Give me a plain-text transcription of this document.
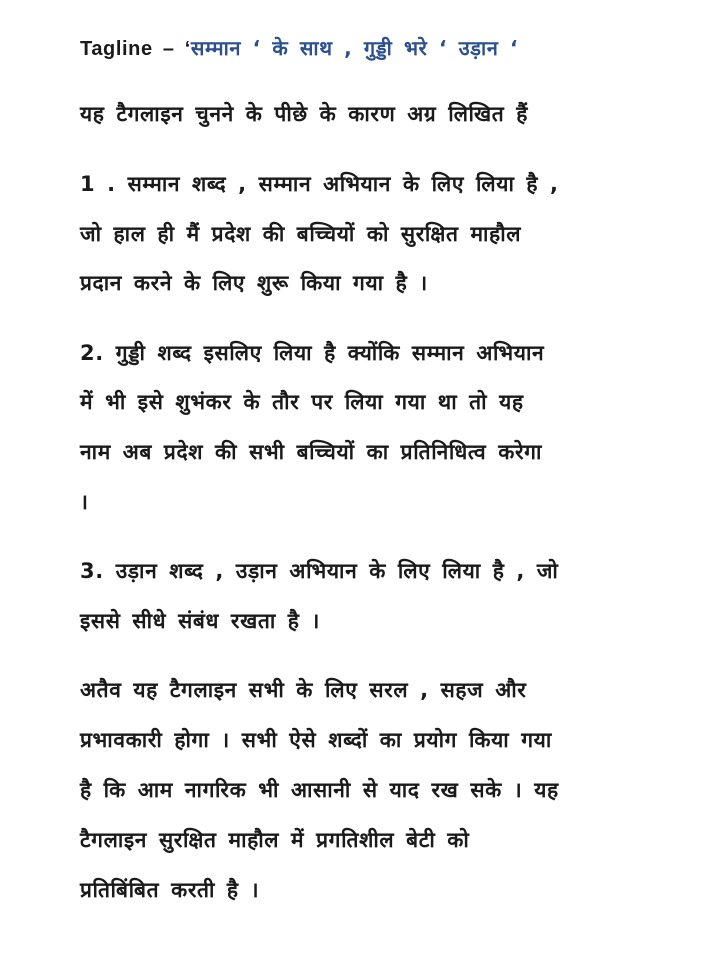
Tagline – ‘सम्मान ‘ के साथ , गुड्डी भरे ‘ उड़ान ‘
यह टैगलाइन चुनने के पीछे के कारण अग्र लिखित हैं
1 . सम्मान शब्द , सम्मान अभियान के लिए लिया है ,
जो हाल ही मैं प्रदेश की बच्चियों को सुरक्षित माहौल
प्रदान करने के लिए शुरू किया गया है ।
2. गुड्डी शब्द इसलिए लिया है क्योंकि सम्मान अभियान
में भी इसे शुभंकर के तौर पर लिया गया था तो यह
नाम अब प्रदेश की सभी बच्चियों का प्रतिनिधित्व करेगा
।
3. उड़ान शब्द , उड़ान अभियान के लिए लिया है , जो
इससे सीधे संबंध रखता है ।
अतैव यह टैगलाइन सभी के लिए सरल , सहज और
प्रभावकारी होगा । सभी ऐसे शब्दों का प्रयोग किया गया
है कि आम नागरिक भी आसानी से याद रख सके । यह
टैगलाइन सुरक्षित माहौल में प्रगतिशील बेटी को
प्रतिबिंबित करती है ।
